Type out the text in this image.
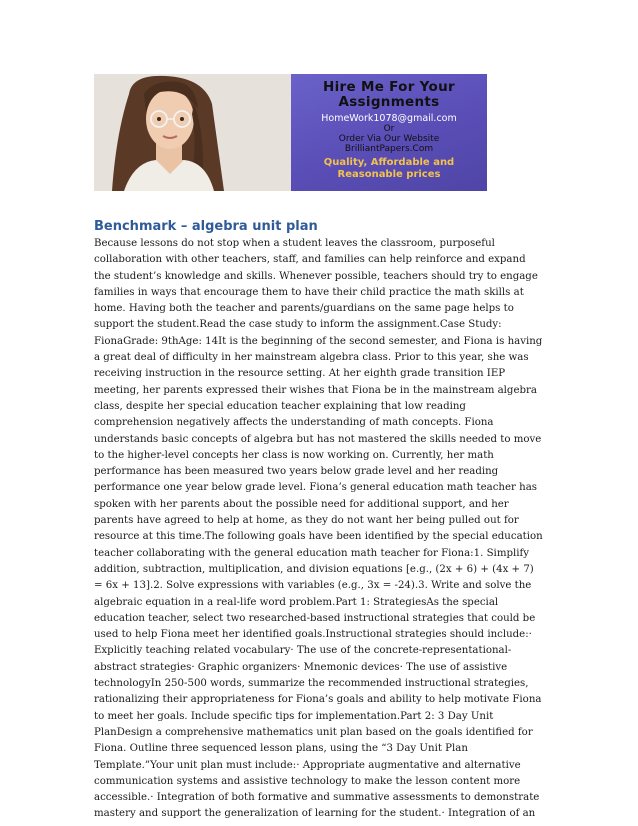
Hire Me For Your
Assignments
HomeWork1078@gmail.com
Or
Order Via Our Website
BrilliantPapers.Com
Quality, Affordable and
Reasonable prices
Benchmark – algebra unit plan

Because lessons do not stop when a student leaves the classroom, purposeful collaboration with other teachers, staff, and families can help reinforce and expand the student’s knowledge and skills. Whenever possible, teachers should try to engage families in ways that encourage them to have their child practice the math skills at home. Having both the teacher and parents/guardians on the same page helps to support the student.Read the case study to inform the assignment.Case Study: FionaGrade: 9thAge: 14It is the beginning of the second semester, and Fiona is having a great deal of difficulty in her mainstream algebra class. Prior to this year, she was receiving instruction in the resource setting. At her eighth grade transition IEP meeting, her parents expressed their wishes that Fiona be in the mainstream algebra class, despite her special education teacher explaining that low reading comprehension negatively affects the understanding of math concepts. Fiona understands basic concepts of algebra but has not mastered the skills needed to move to the higher-level concepts her class is now working on. Currently, her math performance has been measured two years below grade level and her reading performance one year below grade level. Fiona’s general education math teacher has spoken with her parents about the possible need for additional support, and her parents have agreed to help at home, as they do not want her being pulled out for resource at this time.The following goals have been identified by the special education teacher collaborating with the general education math teacher for Fiona:1. Simplify addition, subtraction, multiplication, and division equations [e.g., (2x + 6) + (4x + 7) = 6x + 13].2. Solve expressions with variables (e.g., 3x = -24).3. Write and solve the algebraic equation in a real-life word problem.Part 1: StrategiesAs the special education teacher, select two researched-based instructional strategies that could be used to help Fiona meet her identified goals.Instructional strategies should include:· Explicitly teaching related vocabulary· The use of the concrete-representational-abstract strategies· Graphic organizers· Mnemonic devices· The use of assistive technologyIn 250-500 words, summarize the recommended instructional strategies, rationalizing their appropriateness for Fiona’s goals and ability to help motivate Fiona to meet her goals. Include specific tips for implementation.Part 2: 3 Day Unit PlanDesign a comprehensive mathematics unit plan based on the goals identified for Fiona. Outline three sequenced lesson plans, using the “3 Day Unit Plan Template.”Your unit plan must include:· Appropriate augmentative and alternative communication systems and assistive technology to make the lesson content more accessible.· Integration of both formative and summative assessments to demonstrate mastery and support the generalization of learning for the student.· Integration of an
